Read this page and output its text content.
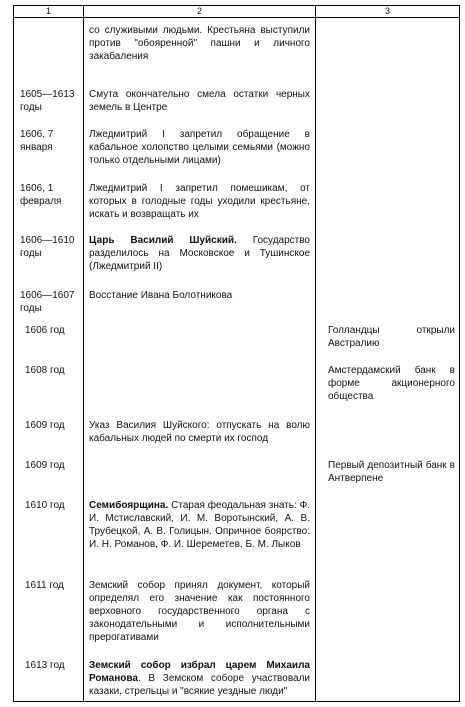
1	2	3
	со служивыми людьми. Крестьяна выступили против "обояренной" пашни и личного закабаления	
1605—1613 годы	Смута окончательно смела остатки черных земель в Центре	
1606, 7 января	Лжедмитрий I запретил обращение в кабальное холопство целыми семьями (можно только отдельными лицами)	
1606, 1 февраля	Лжедмитрий I запретил помешикам, от которых в голодные годы уходили крестьяне, искать и возвращать их	
1606—1610 годы	Царь Василий Шуйский. Государство разделилось на Московское и Тушинское (Лжедмитрий II)	
1606—1607 годы	Восстание Ивана Болотникова	
1606 год		Голландцы открыли Австралию
1608 год		Амстердамский банк в форме акционерного общества
1609 год	Указ Василия Шуйского: отпускать на волю кабальных людей по смерти их господ	
1609 год		Первый депозитный банк в Антверпене
1610 год	Семибоярщина. Старая феодальная знать: Ф. И. Мстиславский, И. М. Воротынский, А. В. Трубецкой, А. В. Голицын. Опричное боярство: И. Н. Романов, Ф. И. Шереметев, Б. М. Лыков	
1611 год	Земский собор принял документ, который определял его значение как постоянного верховного государственного органа с законодательными и исполнительными прерогативами	
1613 год	Земский собор избрал царем Михаила Романова. В Земском соборе участвовали казаки, стрельцы и "всякие уездные люди"	
